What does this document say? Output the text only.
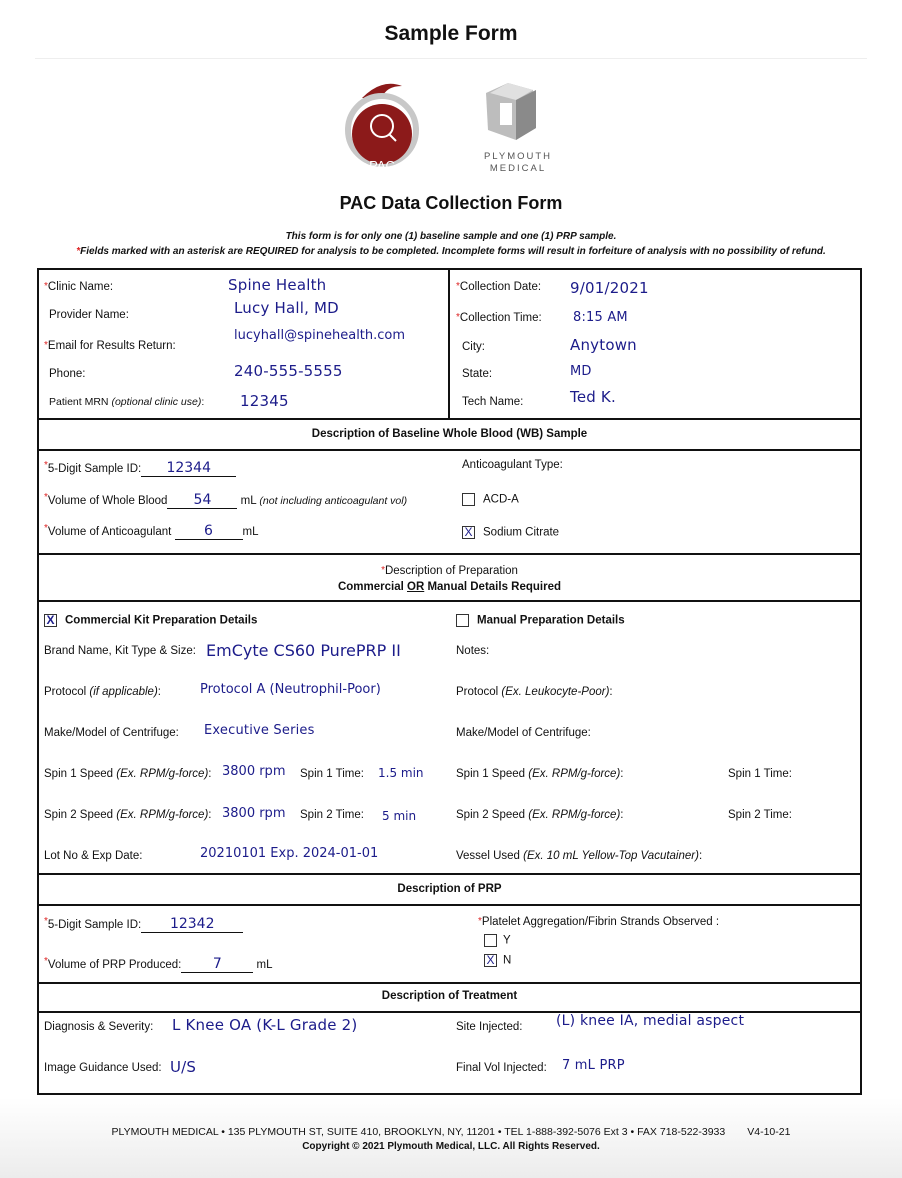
Sample Form
PAC
PLYMOUTH
MEDICAL
PAC Data Collection Form
This form is for only one (1) baseline sample and one (1) PRP sample.
*Fields marked with an asterisk are REQUIRED for analysis to be completed. Incomplete forms will result in forfeiture of analysis with no possibility of refund.
*Clinic Name:	Spine Health
Provider Name:	Lucy Hall, MD
*Email for Results Return:
lucyhall@spinehealth.com
Phone:	240-555-5555
Patient MRN (optional clinic use): 12345
*Collection Date: 9/01/2021
*Collection Time: 8:15 AM
City:	Anytown
State:	MD
Tech Name:	Ted K.
Description of Baseline Whole Blood (WB) Sample
*5-Digit Sample ID: 12344
*Volume of Whole Blood 54	mL (not including anticoagulant vol)
*Volume of Anticoagulant 6	mL
Anticoagulant Type:
ACD-A
X Sodium Citrate
*Description of Preparation
Commercial OR Manual Details Required
X Commercial Kit Preparation Details	Manual Preparation Details
Brand Name, Kit Type & Size: EmCyte CS60 PurePRP II
Protocol (if applicable):	Protocol A (Neutrophil-Poor)
Make/Model of Centrifuge: Executive Series
Spin 1 Speed (Ex. RPM/g-force): 3800 rpm Spin 1 Time: 1.5 min
Spin 2 Speed (Ex. RPM/g-force): 3800 rpm Spin 2 Time: 5 min
Lot No & Exp Date:	20210101 Exp. 2024-01-01
Notes:
Protocol (Ex. Leukocyte-Poor):
Make/Model of Centrifuge:
Spin 1 Speed (Ex. RPM/g-force):	Spin 1 Time:
Spin 2 Speed (Ex. RPM/g-force):	Spin 2 Time:
Vessel Used (Ex. 10 mL Yellow-Top Vacutainer):
Description of PRP
*5-Digit Sample ID: 12342
*Volume of PRP Produced: 7	mL
*Platelet Aggregation/Fibrin Strands Observed :
Y
X N
Description of Treatment
Diagnosis & Severity: L Knee OA (K-L Grade 2)	Site Injected: (L) knee IA, medial aspect
Image Guidance Used: U/S	Final Vol Injected: 7 mL PRP
PLYMOUTH MEDICAL • 135 PLYMOUTH ST, SUITE 410, BROOKLYN, NY, 11201 • TEL 1-888-392-5076 Ext 3 • FAX 718-522-3933 V4-10-21
Copyright © 2021 Plymouth Medical, LLC. All Rights Reserved.
